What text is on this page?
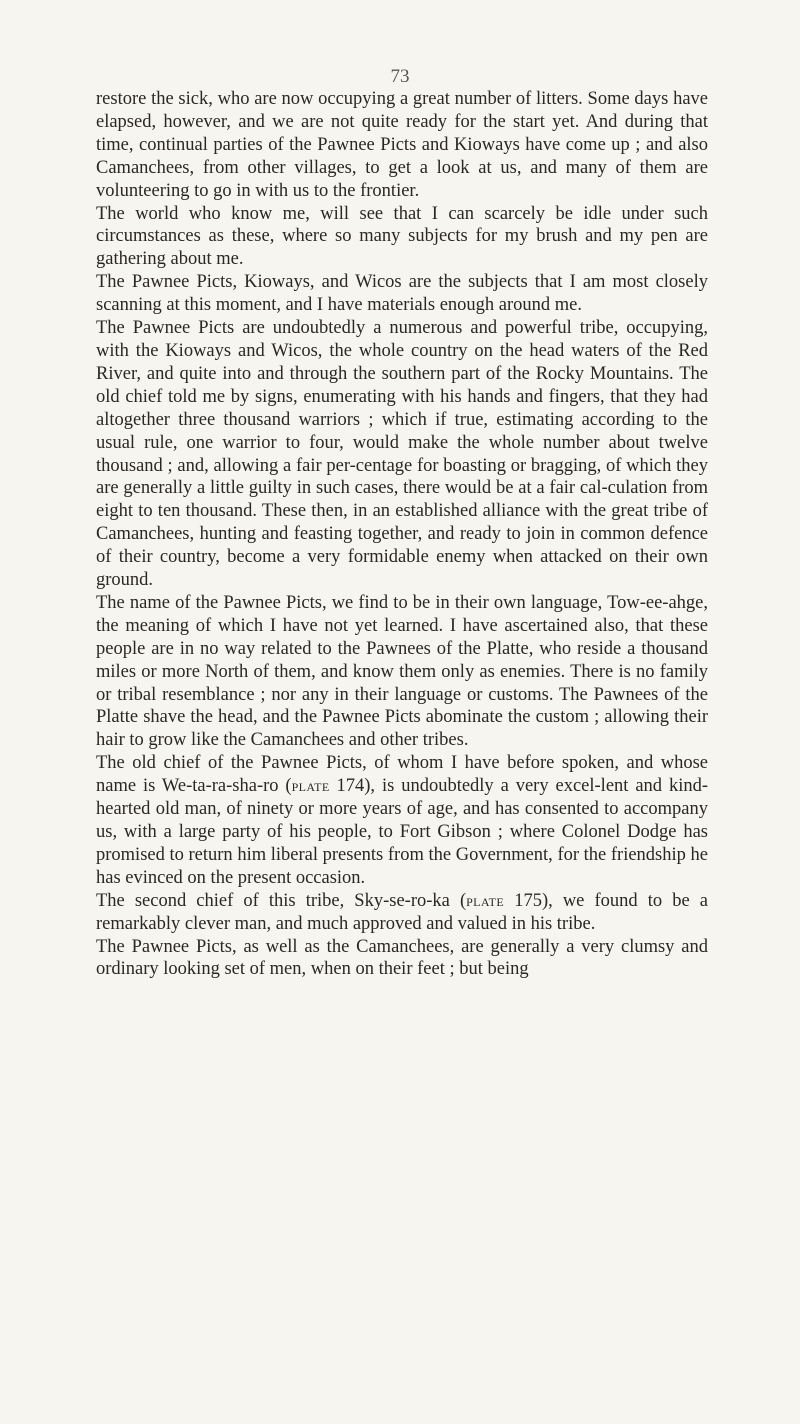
73

restore the sick, who are now occupying a great number of litters. Some days have elapsed, however, and we are not quite ready for the start yet. And during that time, continual parties of the Pawnee Picts and Kioways have come up ; and also Camanchees, from other villages, to get a look at us, and many of them are volunteering to go in with us to the frontier.

The world who know me, will see that I can scarcely be idle under such circumstances as these, where so many subjects for my brush and my pen are gathering about me.

The Pawnee Picts, Kioways, and Wicos are the subjects that I am most closely scanning at this moment, and I have materials enough around me.

The Pawnee Picts are undoubtedly a numerous and powerful tribe, occupying, with the Kioways and Wicos, the whole country on the head waters of the Red River, and quite into and through the southern part of the Rocky Mountains. The old chief told me by signs, enumerating with his hands and fingers, that they had altogether three thousand warriors ; which if true, estimating according to the usual rule, one warrior to four, would make the whole number about twelve thousand ; and, allowing a fair per-centage for boasting or bragging, of which they are generally a little guilty in such cases, there would be at a fair cal-culation from eight to ten thousand. These then, in an established alliance with the great tribe of Camanchees, hunting and feasting together, and ready to join in common defence of their country, become a very formidable enemy when attacked on their own ground.

The name of the Pawnee Picts, we find to be in their own language, Tow-ee-ahge, the meaning of which I have not yet learned. I have ascertained also, that these people are in no way related to the Pawnees of the Platte, who reside a thousand miles or more North of them, and know them only as enemies. There is no family or tribal resemblance ; nor any in their language or customs. The Pawnees of the Platte shave the head, and the Pawnee Picts abominate the custom ; allowing their hair to grow like the Camanchees and other tribes.

The old chief of the Pawnee Picts, of whom I have before spoken, and whose name is We-ta-ra-sha-ro (plate 174), is undoubtedly a very excel-lent and kind-hearted old man, of ninety or more years of age, and has consented to accompany us, with a large party of his people, to Fort Gibson ; where Colonel Dodge has promised to return him liberal presents from the Government, for the friendship he has evinced on the present occasion.

The second chief of this tribe, Sky-se-ro-ka (plate 175), we found to be a remarkably clever man, and much approved and valued in his tribe.

The Pawnee Picts, as well as the Camanchees, are generally a very clumsy and ordinary looking set of men, when on their feet ; but being
